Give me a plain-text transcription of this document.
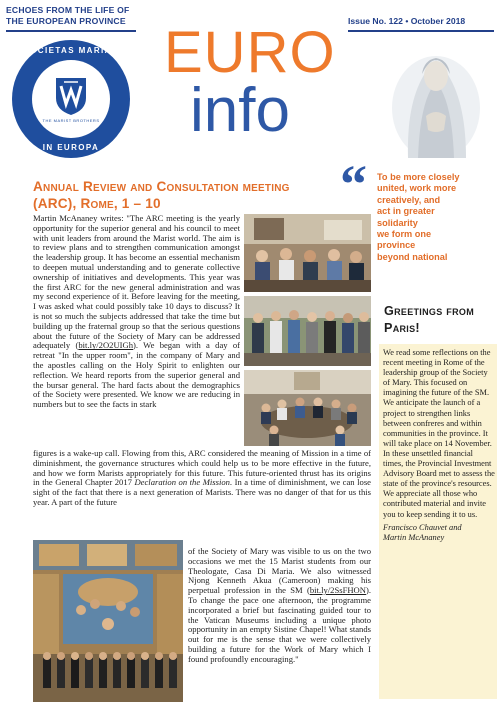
ECHOES FROM THE LIFE OF
THE EUROPEAN PROVINCE
SOCIETAS MARIAE
THE MARIST BROTHERS
IN EUROPA
Issue No. 122 • October 2018
EURO
info
Annual Review and Consultation meeting (ARC), Rome, 1 – 10	“	To be more closely
united, work more
creatively, and
act in greater
solidarity
we form one
province
beyond national
Martin McAnaney writes: "The ARC meeting is the yearly opportunity for the superior general and his council to meet with unit leaders from around the Marist world. The aim is to review plans and to strengthen communication amongst the leadership group. It has become an essential mechanism to deepen mutual understanding and to generate collective ownership of initiatives and developments. This year was the first ARC for the new general administration and was my second experience of it. Before leaving for the meeting, I was asked what could possibly take 10 days to discuss? It is not so much the subjects addressed that take the time but building up the fraternal group so that the serious questions about the future of the Society of Mary can be addressed adequately (bit.ly/2O2UIGh). We began with a day of retreat "In the upper room", in the company of Mary and the apostles calling on the Holy Spirit to enlighten our reflection. We heard reports from the superior general and the bursar general. The hard facts about the demographics of the Society were presented. We know we are reducing in numbers but to see the facts in stark
figures is a wake-up call. Flowing from this, ARC considered the meaning of Mission in a time of diminishment, the governance structures which could help us to be more effective in the future, and how we form Marists appropriately for this future. This future-oriented thrust has its origins in the General Chapter 2017 Declaration on the Mission. In a time of diminishment, we can lose sight of the fact that there is a next generation of Marists. There was no danger of that for us this year. A part of the future
of the Society of Mary was visible to us on the two occasions we met the 15 Marist students from our Theologate, Casa Di Maria. We also witnessed Njong Kenneth Akua (Cameroon) making his perpetual profession in the SM (bit.ly/2SsFHON). To change the pace one afternoon, the programme incorporated a brief but fascinating guided tour to the Vatican Museums including a unique photo opportunity in an empty Sistine Chapel! What stands out for me is the sense that we were collectively building a future for the Work of Mary which I found profoundly encouraging."
Greetings from Paris!

We read some reflections on the recent meeting in Rome of the leadership group of the Society of Mary. This focused on imagining the future of the SM. We anticipate the launch of a project to strengthen links between confreres and within communities in the province. It will take place on 14 November. In these unsettled financial times, the Provincial Investment Advisory Board met to assess the state of the province's resources.

We appreciate all those who contributed material and invite you to keep sending it to us.

Francisco Chauvet and
Martin McAnaney
